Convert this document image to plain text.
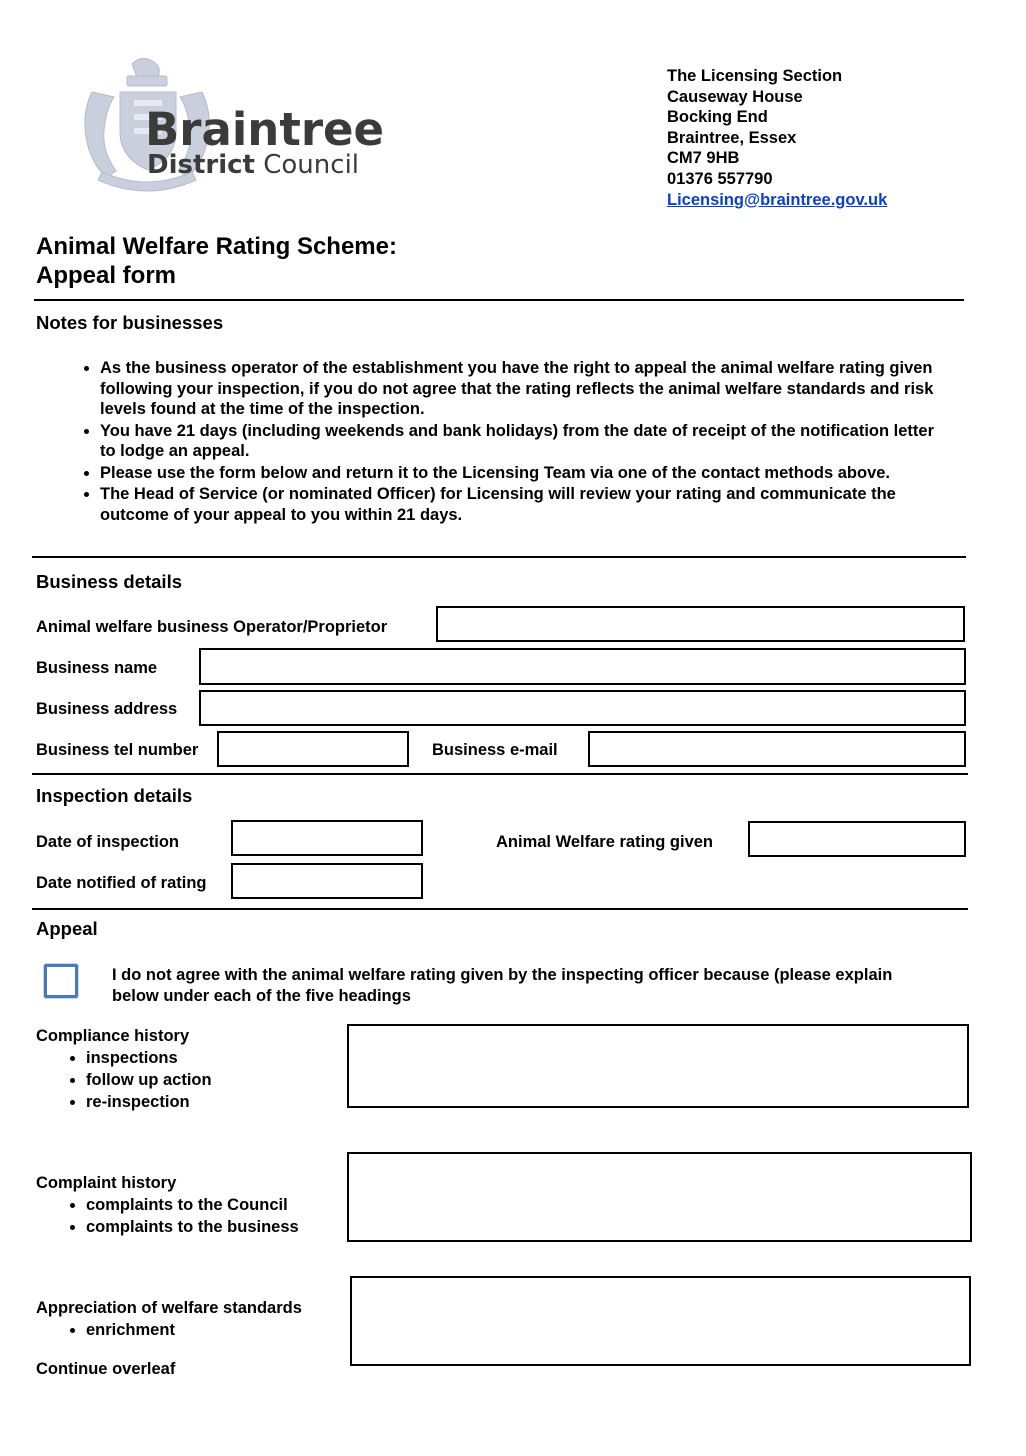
Braintree
District Council
The Licensing Section
Causeway House
Bocking End
Braintree, Essex
CM7 9HB
01376 557790
Licensing@braintree.gov.uk
Animal Welfare Rating Scheme:
Appeal form
Notes for businesses
• As the business operator of the establishment you have the right to appeal the animal welfare rating given following your inspection, if you do not agree that the rating reflects the animal welfare standards and risk levels found at the time of the inspection.
• You have 21 days (including weekends and bank holidays) from the date of receipt of the notification letter to lodge an appeal.
• Please use the form below and return it to the Licensing Team via one of the contact methods above.
• The Head of Service (or nominated Officer) for Licensing will review your rating and communicate the outcome of your appeal to you within 21 days.
Business details
Animal welfare business Operator/Proprietor
Business name
Business address
Business tel number	Business e-mail
Inspection details
Date of inspection	Animal Welfare rating given
Date notified of rating
Appeal
I do not agree with the animal welfare rating given by the inspecting officer because (please explain below under each of the five headings
Compliance history
• inspections
• follow up action
• re-inspection
Complaint history
• complaints to the Council
• complaints to the business
Appreciation of welfare standards
• enrichment
Continue overleaf
